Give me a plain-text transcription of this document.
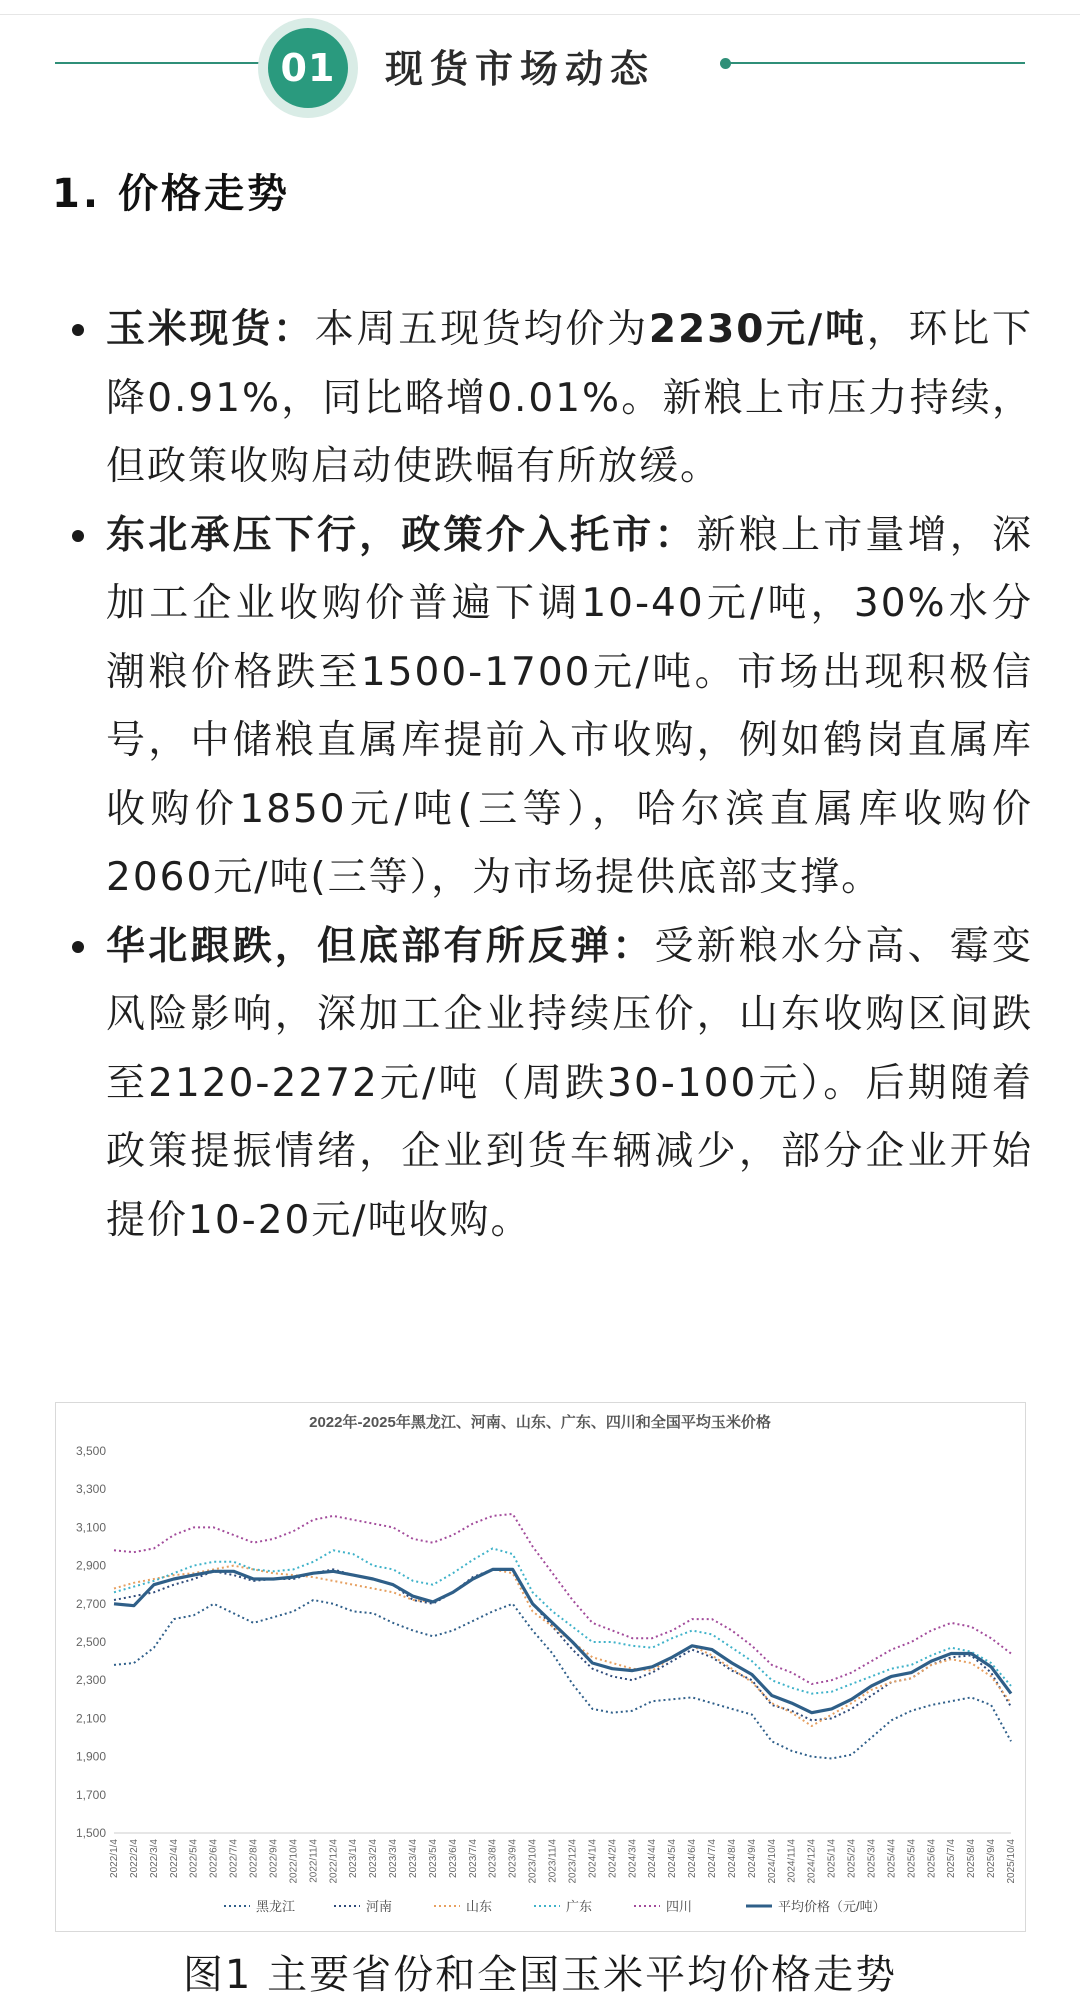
01	现货市场动态
1. 价格走势
玉米现货：本周五现货均价为2230元/吨，环比下降0.91%，同比略增0.01%。新粮上市压力持续，但政策收购启动使跌幅有所放缓。
东北承压下行，政策介入托市：新粮上市量增，深加工企业收购价普遍下调10-40元/吨，30%水分潮粮价格跌至1500-1700元/吨。市场出现积极信号，中储粮直属库提前入市收购，例如鹤岗直属库收购价1850元/吨(三等），哈尔滨直属库收购价2060元/吨(三等），为市场提供底部支撑。
华北跟跌，但底部有所反弹：受新粮水分高、霉变风险影响，深加工企业持续压价，山东收购区间跌至2120-2272元/吨（周跌30-100元）。后期随着政策提振情绪，企业到货车辆减少，部分企业开始提价10-20元/吨收购。
2022年-2025年黑龙江、河南、山东、广东、四川和全国平均玉米价格
3,500
3,300
3,100
2,900
2,700
2,500
2,300
2,100
1,900
1,700
1,500
2022/1/4 2022/2/4 2022/3/4 2022/4/4 2022/5/4 2022/6/4 2022/7/4 2022/8/4 2022/9/4 2022/10/4 2022/11/4 2022/12/4 2023/1/4 2023/2/4 2023/3/4 2023/4/4 2023/5/4 2023/6/4 2023/7/4 2023/8/4 2023/9/4 2023/10/4 2023/11/4 2023/12/4 2024/1/4 2024/2/4 2024/3/4 2024/4/4 2024/5/4 2024/6/4 2024/7/4 2024/8/4 2024/9/4 2024/10/4 2024/11/4 2024/12/4 2025/1/4 2025/2/4 2025/3/4 2025/4/4 2025/5/4 2025/6/4 2025/7/4 2025/8/4 2025/9/4 2025/10/4
黑龙江	河南	山东	广东	四川	平均价格（元/吨）
图1 主要省份和全国玉米平均价格走势
